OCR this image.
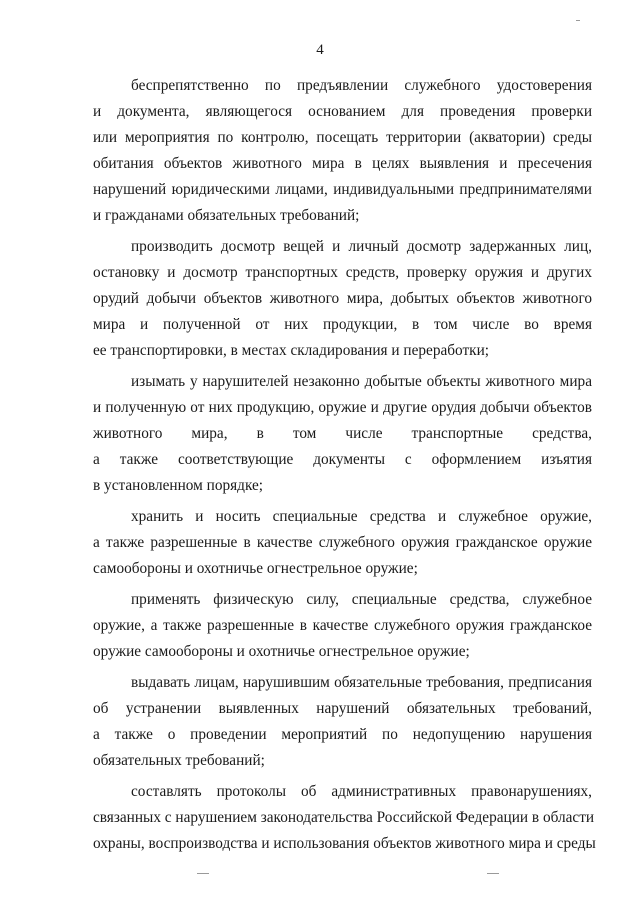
4
беспрепятственно по предъявлении служебного удостоверения
и документа, являющегося основанием для проведения проверки
или мероприятия по контролю, посещать территории (акватории) среды
обитания объектов животного мира в целях выявления и пресечения
нарушений юридическими лицами, индивидуальными предпринимателями
и гражданами обязательных требований;
производить досмотр вещей и личный досмотр задержанных лиц,
остановку и досмотр транспортных средств, проверку оружия и других
орудий добычи объектов животного мира, добытых объектов животного
мира и полученной от них продукции, в том числе во время
ее транспортировки, в местах складирования и переработки;
изымать у нарушителей незаконно добытые объекты животного мира
и полученную от них продукцию, оружие и другие орудия добычи объектов
животного мира, в том числе транспортные средства,
а также соответствующие документы с оформлением изъятия
в установленном порядке;
хранить и носить специальные средства и служебное оружие,
а также разрешенные в качестве служебного оружия гражданское оружие
самообороны и охотничье огнестрельное оружие;
применять физическую силу, специальные средства, служебное
оружие, а также разрешенные в качестве служебного оружия гражданское
оружие самообороны и охотничье огнестрельное оружие;
выдавать лицам, нарушившим обязательные требования, предписания
об устранении выявленных нарушений обязательных требований,
а также о проведении мероприятий по недопущению нарушения
обязательных требований;
составлять протоколы об административных правонарушениях,
связанных с нарушением законодательства Российской Федерации в области
охраны, воспроизводства и использования объектов животного мира и среды
